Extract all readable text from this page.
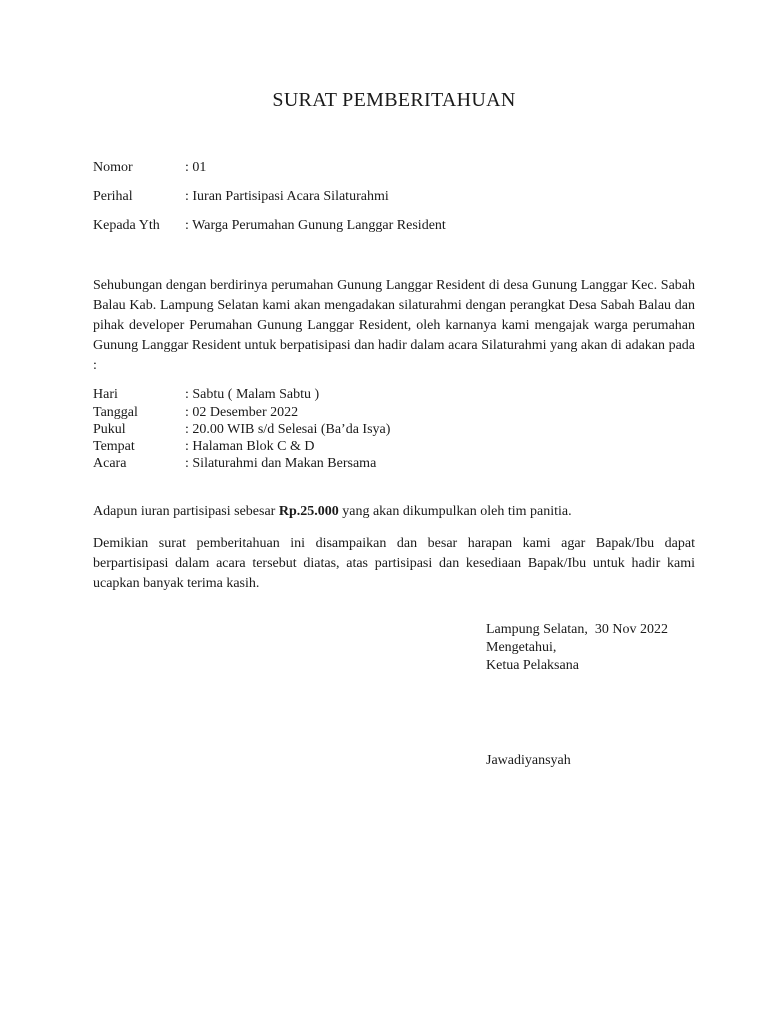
SURAT PEMBERITAHUAN
Nomor	: 01
Perihal	: Iuran Partisipasi Acara Silaturahmi
Kepada Yth : Warga Perumahan Gunung Langgar Resident

Sehubungan dengan berdirinya perumahan Gunung Langgar Resident di desa Gunung Langgar Kec. Sabah Balau Kab. Lampung Selatan kami akan mengadakan silaturahmi dengan perangkat Desa Sabah Balau dan pihak developer Perumahan Gunung Langgar Resident, oleh karnanya kami mengajak warga perumahan Gunung Langgar Resident untuk berpatisipasi dan hadir dalam acara Silaturahmi yang akan di adakan pada :

Hari	: Sabtu ( Malam Sabtu )
Tanggal	: 02 Desember 2022
Pukul	: 20.00 WIB s/d Selesai (Ba’da Isya)
Tempat	: Halaman Blok C & D
Acara	: Silaturahmi dan Makan Bersama

Adapun iuran partisipasi sebesar Rp.25.000 yang akan dikumpulkan oleh tim panitia.

Demikian surat pemberitahuan ini disampaikan dan besar harapan kami agar Bapak/Ibu dapat berpartisipasi dalam acara tersebut diatas, atas partisipasi dan kesediaan Bapak/Ibu untuk hadir kami ucapkan banyak terima kasih.

Lampung Selatan,  30 Nov 2022
Mengetahui,
Ketua Pelaksana
Jawadiyansyah
